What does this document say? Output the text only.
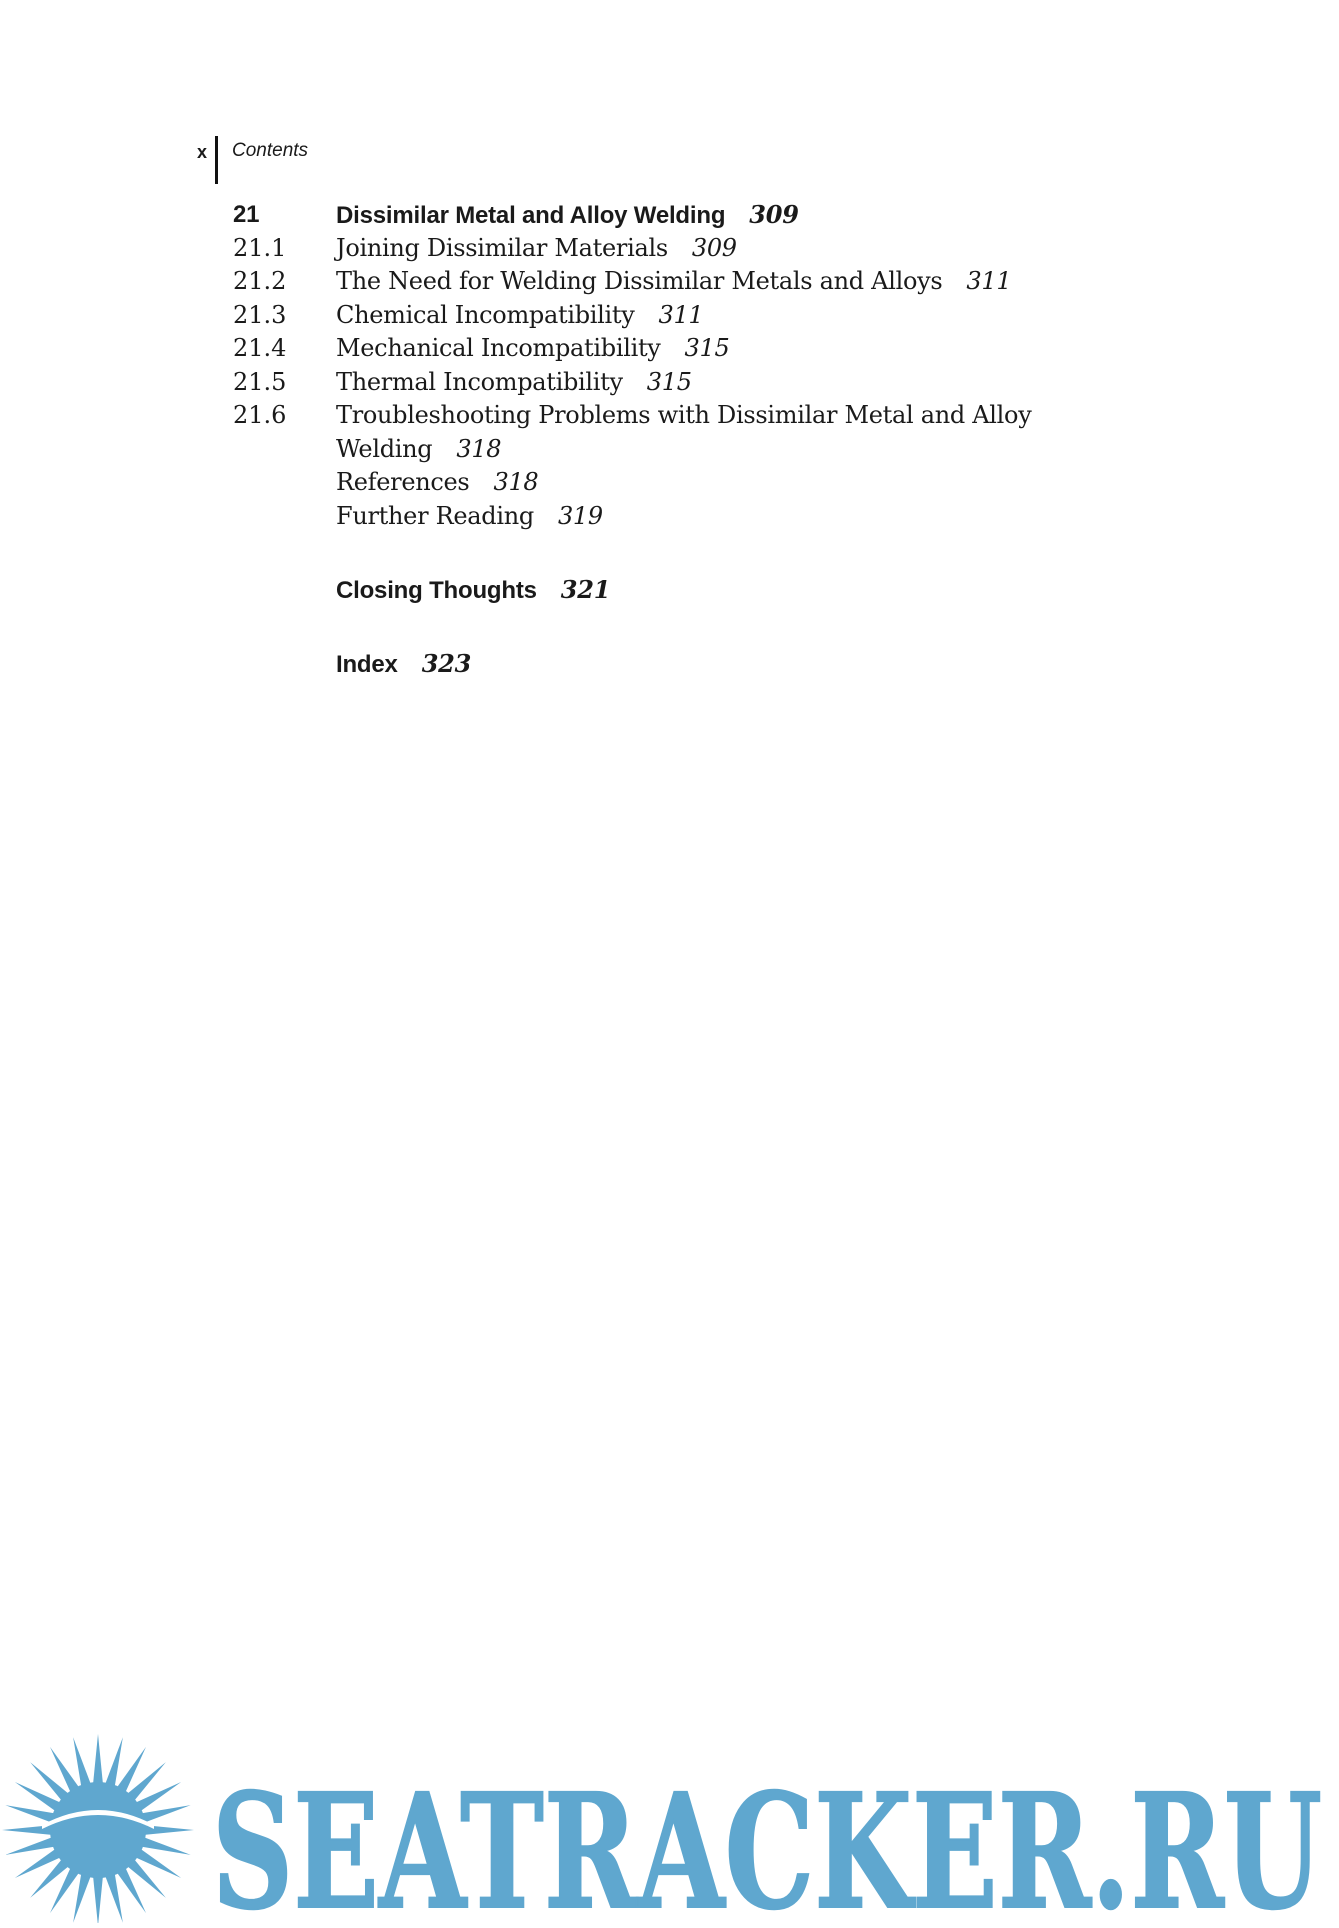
x Contents
21	Dissimilar Metal and Alloy Welding 309
21.1	Joining Dissimilar Materials 309
21.2	The Need for Welding Dissimilar Metals and Alloys 311
21.3	Chemical Incompatibility 311
21.4	Mechanical Incompatibility 315
21.5	Thermal Incompatibility 315
21.6	Troubleshooting Problems with Dissimilar Metal and Alloy
Welding 318
References 318
Further Reading 319
Closing Thoughts 321
Index 323
SEATRACKER.RU
